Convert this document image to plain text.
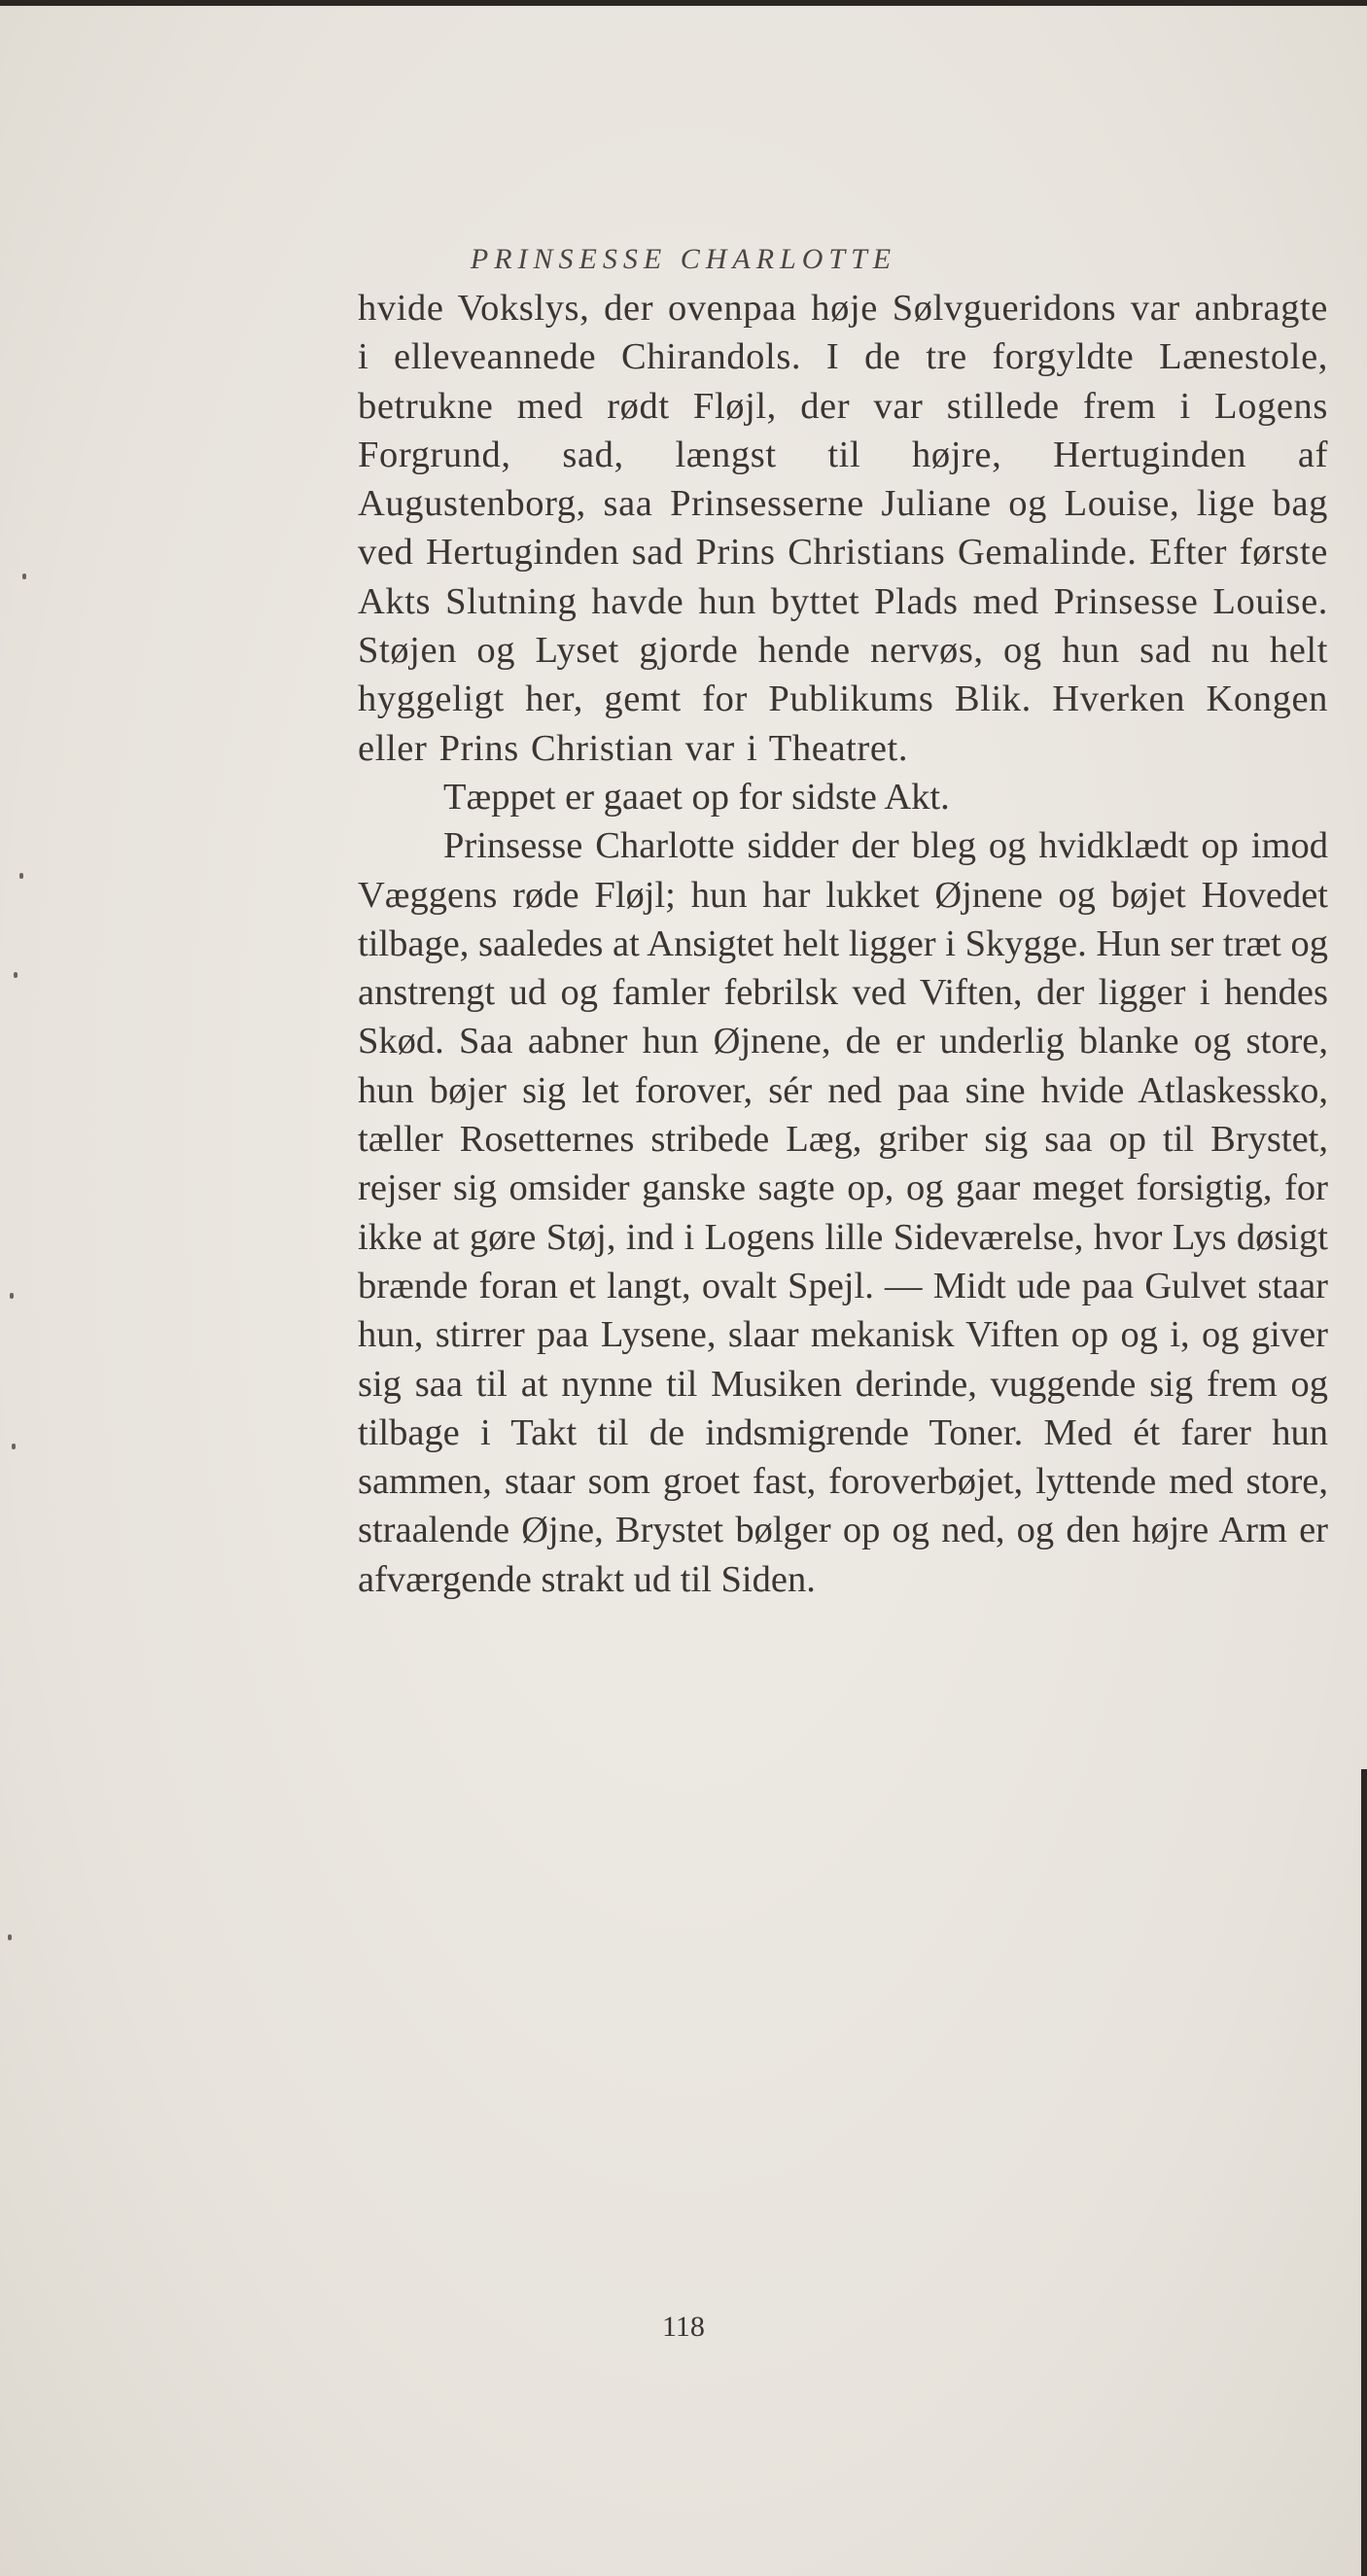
PRINSESSE CHARLOTTE

hvide Vokslys, der ovenpaa høje Sølvgueridons var anbragte i elleveannede Chirandols. I de tre forgyldte Lænestole, betrukne med rødt Fløjl, der var stillede frem i Logens Forgrund, sad, længst til højre, Hertuginden af Augustenborg, saa Prinsesserne Juliane og Louise, lige bag ved Hertuginden sad Prins Christians Gemalinde. Efter første Akts Slutning havde hun byttet Plads med Prinsesse Louise. Støjen og Lyset gjorde hende nervøs, og hun sad nu helt hyggeligt her, gemt for Publikums Blik. Hverken Kongen eller Prins Christian var i Theatret.

Tæppet er gaaet op for sidste Akt.

Prinsesse Charlotte sidder der bleg og hvidklædt op imod Væggens røde Fløjl; hun har lukket Øjnene og bøjet Hovedet tilbage, saaledes at Ansigtet helt ligger i Skygge. Hun ser træt og anstrengt ud og famler febrilsk ved Viften, der ligger i hendes Skød. Saa aabner hun Øjnene, de er underlig blanke og store, hun bøjer sig let forover, sér ned paa sine hvide Atlaskessko, tæller Rosetternes stribede Læg, griber sig saa op til Brystet, rejser sig omsider ganske sagte op, og gaar meget forsigtig, for ikke at gøre Støj, ind i Logens lille Sideværelse, hvor Lys døsigt brænde foran et langt, ovalt Spejl. — Midt ude paa Gulvet staar hun, stirrer paa Lysene, slaar mekanisk Viften op og i, og giver sig saa til at nynne til Musiken derinde, vuggende sig frem og tilbage i Takt til de indsmigrende Toner. Med ét farer hun sammen, staar som groet fast, foroverbøjet, lyttende med store, straalende Øjne, Brystet bølger op og ned, og den højre Arm er afværgende strakt ud til Siden.

118
